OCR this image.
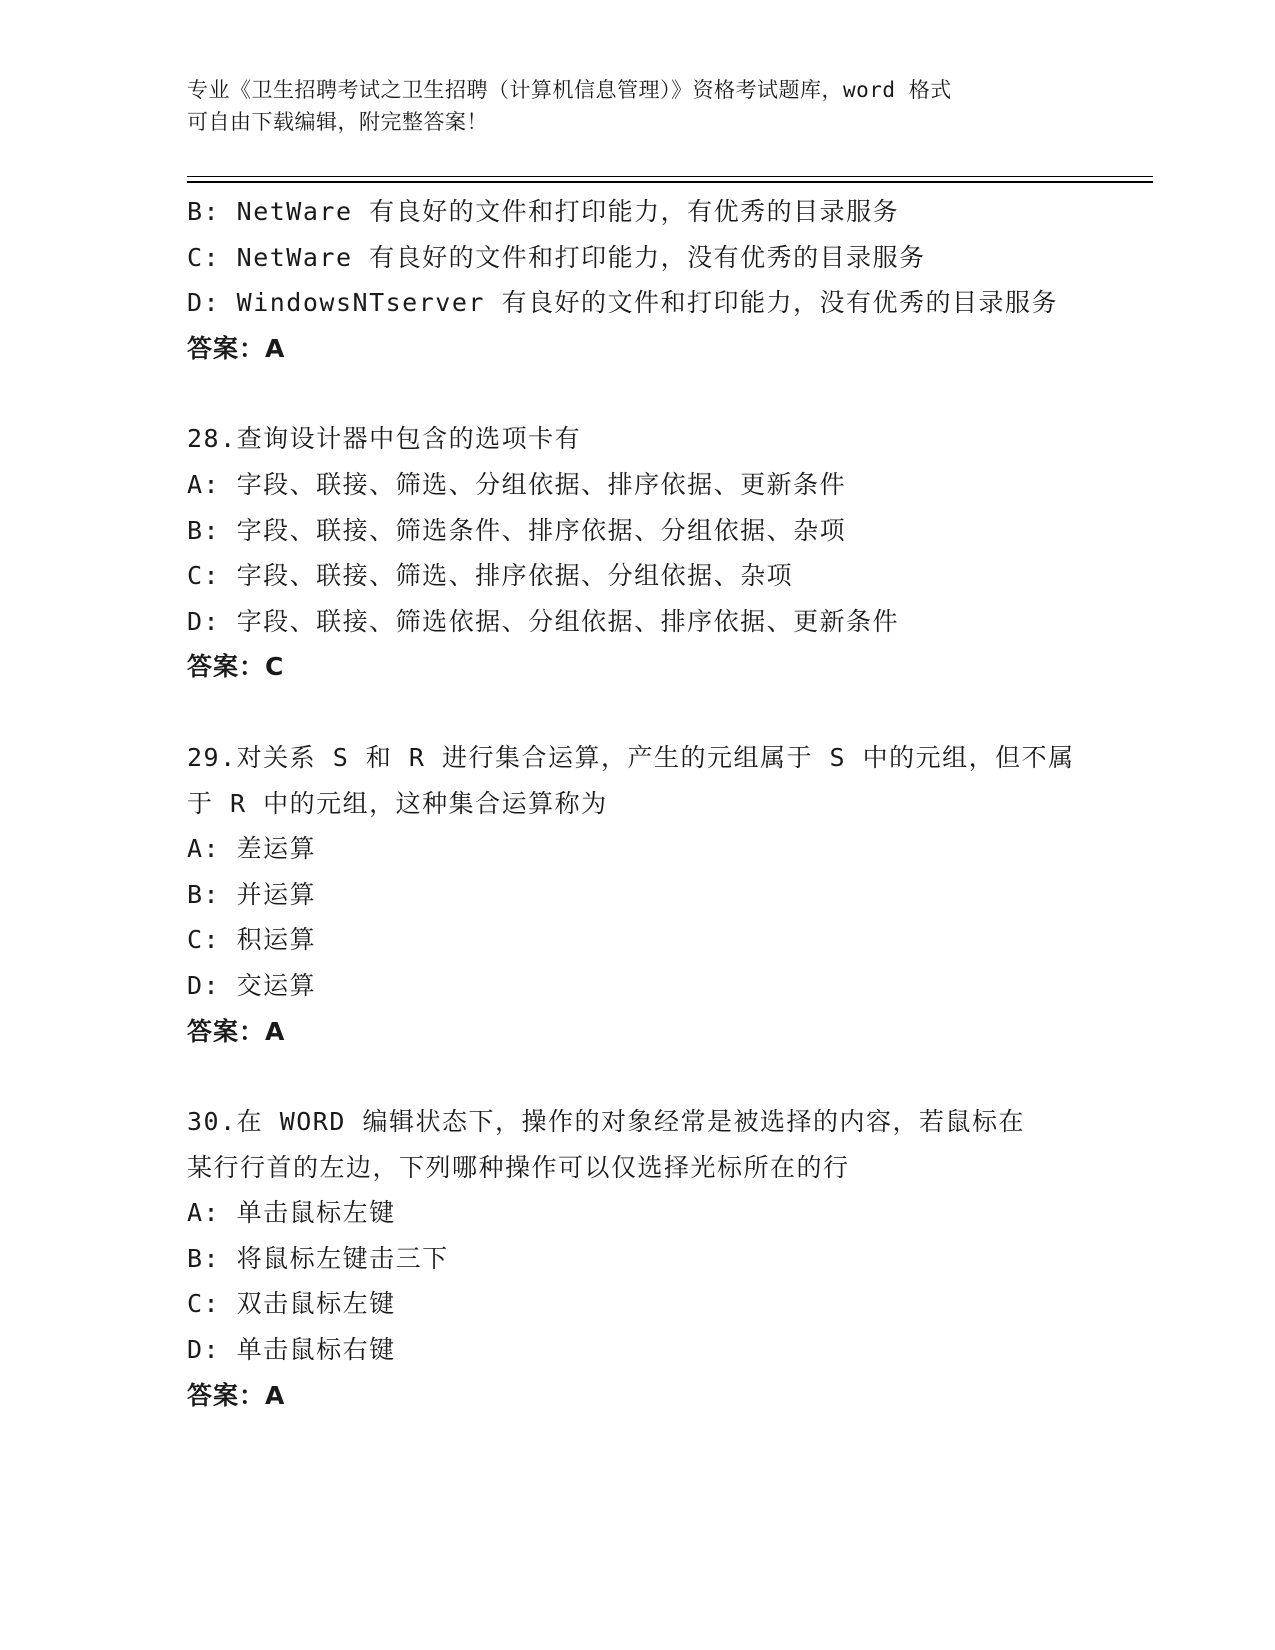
专业《卫生招聘考试之卫生招聘（计算机信息管理）》资格考试题库，word 格式
可自由下载编辑，附完整答案！
B: NetWare 有良好的文件和打印能力，有优秀的目录服务
C: NetWare 有良好的文件和打印能力，没有优秀的目录服务
D: WindowsNTserver 有良好的文件和打印能力，没有优秀的目录服务
答案：A
28.查询设计器中包含的选项卡有
A: 字段、联接、筛选、分组依据、排序依据、更新条件
B: 字段、联接、筛选条件、排序依据、分组依据、杂项
C: 字段、联接、筛选、排序依据、分组依据、杂项
D: 字段、联接、筛选依据、分组依据、排序依据、更新条件
答案：C
29.对关系 S 和 R 进行集合运算，产生的元组属于 S 中的元组，但不属
于 R 中的元组，这种集合运算称为
A: 差运算
B: 并运算
C: 积运算
D: 交运算
答案：A
30.在 WORD 编辑状态下，操作的对象经常是被选择的内容，若鼠标在
某行行首的左边，下列哪种操作可以仅选择光标所在的行
A: 单击鼠标左键
B: 将鼠标左键击三下
C: 双击鼠标左键
D: 单击鼠标右键
答案：A
